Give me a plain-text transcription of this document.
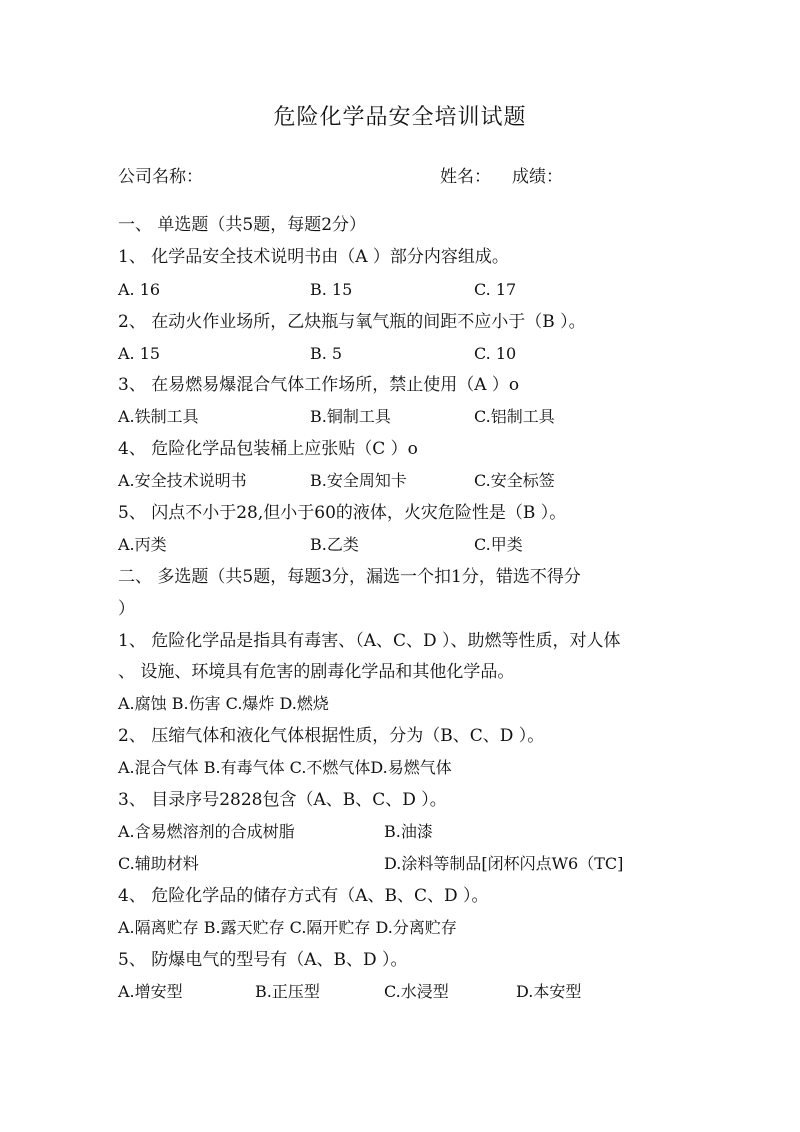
危险化学品安全培训试题
公司名称：	姓名： 成绩：
一、 单选题（共5题，每题2分）
1、 化学品安全技术说明书由（A ）部分内容组成。
A. 16	B. 15	C. 17
2、 在动火作业场所，乙炔瓶与氧气瓶的间距不应小于（B ）。
A. 15	B. 5	C. 10
3、 在易燃易爆混合气体工作场所，禁止使用（A ）o
A.铁制工具	B.铜制工具	C.铝制工具
4、 危险化学品包装桶上应张贴（C ）o
A.安全技术说明书	B.安全周知卡	C.安全标签
5、 闪点不小于28,但小于60的液体，火灾危险性是（B ）。
A.丙类	B.乙类	C.甲类
二、 多选题（共5题，每题3分，漏选一个扣1分，错选不得分
）
1、 危险化学品是指具有毒害、（A、C、D ）、助燃等性质，对人体
、 设施、环境具有危害的剧毒化学品和其他化学品。
A.腐蚀 B.伤害 C.爆炸 D.燃烧
2、 压缩气体和液化气体根据性质，分为（B、C、D ）。
A.混合气体 B.有毒气体 C.不燃气体D.易燃气体
3、 目录序号2828包含（A、B、C、D ）。
A.含易燃溶剂的合成树脂	B.油漆
C.辅助材料	D.涂料等制品[闭杯闪点W6（TC]
4、 危险化学品的储存方式有（A、B、C、D ）。
A.隔离贮存 B.露天贮存 C.隔开贮存 D.分离贮存
5、 防爆电气的型号有（A、B、D ）。
A.增安型	B.正压型	C.水浸型	D.本安型
